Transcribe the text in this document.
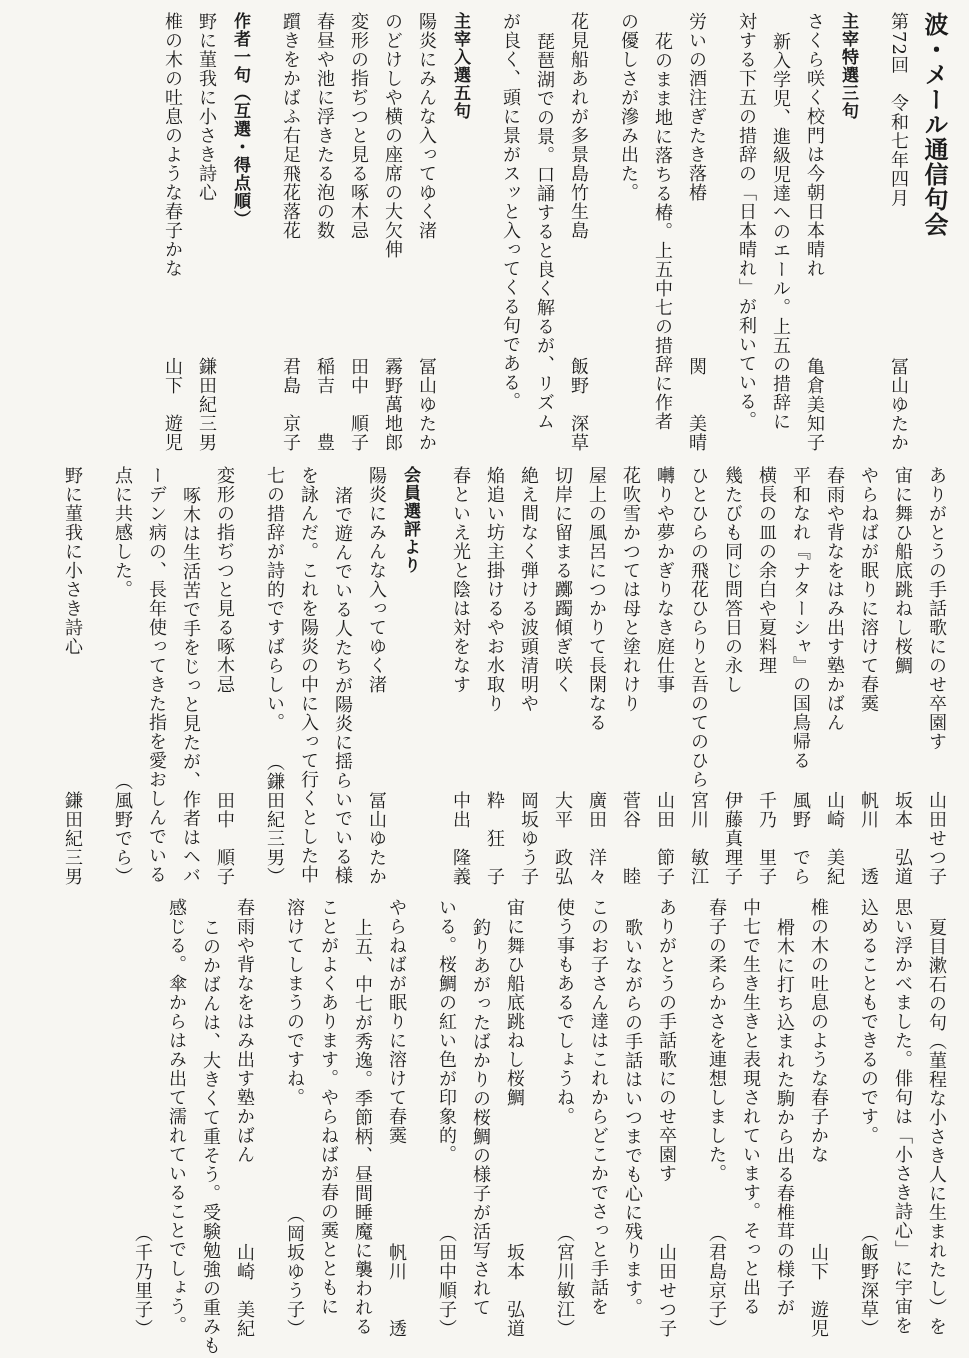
波・メール通信句会
第72回　令和七年四月
冨山ゆたか
主宰特選三句
さくら咲く校門は今朝日本晴れ
亀倉美知子
新入学児、進級児達へのエール。上五の措辞に
対する下五の措辞の「日本晴れ」が利いている。
労いの酒注ぎたき落椿
関　　美晴
花のまま地に落ちる椿。上五中七の措辞に作者
の優しさが滲み出た。
花見船あれが多景島竹生島
飯野　深草
琵琶湖での景。口誦すると良く解るが、リズム
が良く、頭に景がスッと入ってくる句である。
主宰入選五句
陽炎にみんな入ってゆく渚
冨山ゆたか
のどけしや横の座席の大欠伸
霧野萬地郎
変形の指ぢつと見る啄木忌
田中　順子
春昼や池に浮きたる泡の数
稲吉　　豊
躓きをかばふ右足飛花落花
君島　京子
作者一句（互選・得点順）
野に菫我に小さき詩心
鎌田紀三男
椎の木の吐息のような春子かな
山下　遊児
ありがとうの手話歌にのせ卒園す
山田せつ子
宙に舞ひ船底跳ねし桜鯛
坂本　弘道
やらねばが眠りに溶けて春霙
帆川　　透
春雨や背なをはみ出す塾かばん
山崎　美紀
平和なれ『ナターシャ』の国鳥帰る
風野　でら
横長の皿の余白や夏料理
千乃　里子
幾たびも同じ問答日の永し
伊藤真理子
ひとひらの飛花ひらりと吾のてのひら
宮川　敏江
囀りや夢かぎりなき庭仕事
山田　節子
花吹雪かつては母と塗れけり
菅谷　　睦
屋上の風呂につかりて長閑なる
廣田　洋々
切岸に留まる躑躅傾ぎ咲く
大平　政弘
絶え間なく弾ける波頭清明や
岡坂ゆう子
焔追い坊主掛けるやお水取り
粋　狂　子
春といえ光と陰は対をなす
中出　隆義
会員選評より
陽炎にみんな入ってゆく渚
冨山ゆたか
渚で遊んでいる人たちが陽炎に揺らいでいる様
を詠んだ。これを陽炎の中に入って行くとした中
七の措辞が詩的ですばらしい。
（鎌田紀三男）
変形の指ぢつと見る啄木忌
田中　順子
啄木は生活苦で手をじっと見たが、作者はヘバ
ーデン病の、長年使ってきた指を愛おしんでいる
点に共感した。
（風野でら）
野に菫我に小さき詩心
鎌田紀三男
夏目漱石の句（菫程な小さき人に生まれたし）を
思い浮かべました。俳句は「小さき詩心」に宇宙を
込めることもできるのです。
（飯野深草）
椎の木の吐息のような春子かな
山下　遊児
榾木に打ち込まれた駒から出る春椎茸の様子が
中七で生き生きと表現されています。そっと出る
春子の柔らかさを連想しました。
（君島京子）
ありがとうの手話歌にのせ卒園す
山田せつ子
歌いながらの手話はいつまでも心に残ります。
このお子さん達はこれからどこかでさっと手話を
使う事もあるでしょうね。
（宮川敏江）
宙に舞ひ船底跳ねし桜鯛
坂本　弘道
釣りあがったばかりの桜鯛の様子が活写されて
いる。桜鯛の紅い色が印象的。
（田中順子）
やらねばが眠りに溶けて春霙
帆川　　透
上五、中七が秀逸。季節柄、昼間睡魔に襲われる
ことがよくあります。やらねばが春の霙とともに
溶けてしまうのですね。
（岡坂ゆう子）
春雨や背なをはみ出す塾かばん
山崎　美紀
このかばんは、大きくて重そう。受験勉強の重みも
感じる。傘からはみ出て濡れていることでしょう。
（千乃里子）
